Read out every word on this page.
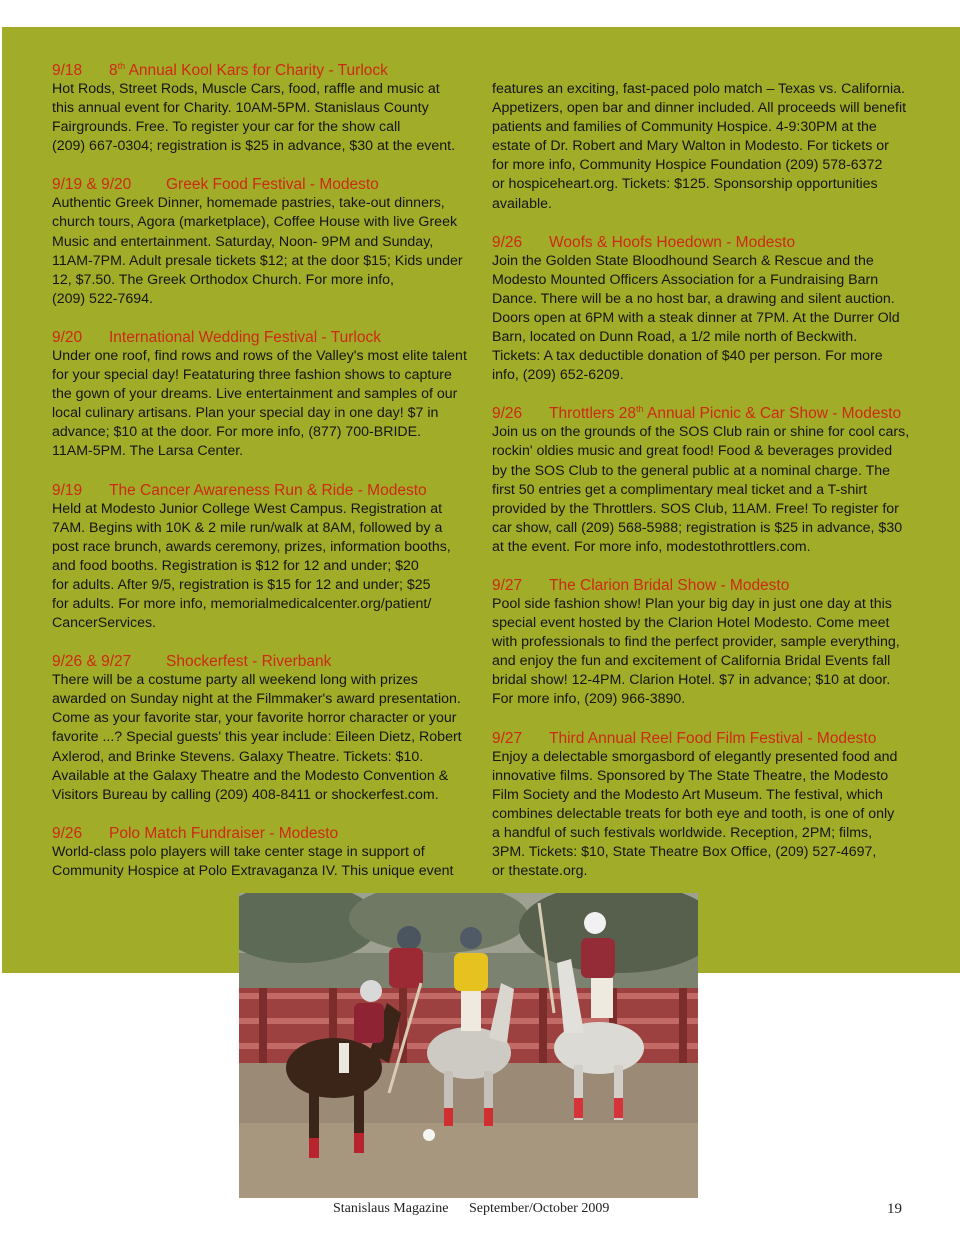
9/18 8th Annual Kool Kars for Charity - Turlock

Hot Rods, Street Rods, Muscle Cars, food, raffle and music at
this annual event for Charity. 10AM-5PM. Stanislaus County
Fairgrounds. Free. To register your car for the show call
(209) 667-0304; registration is $25 in advance, $30 at the event.

9/19 & 9/20 Greek Food Festival - Modesto

Authentic Greek Dinner, homemade pastries, take-out dinners,
church tours, Agora (marketplace), Coffee House with live Greek
Music and entertainment. Saturday, Noon- 9PM and Sunday,
11AM-7PM. Adult presale tickets $12; at the door $15; Kids under
12, $7.50. The Greek Orthodox Church. For more info,
(209) 522-7694.

9/20 International Wedding Festival - Turlock

Under one roof, find rows and rows of the Valley's most elite talent
for your special day! Feataturing three fashion shows to capture
the gown of your dreams. Live entertainment and samples of our
local culinary artisans. Plan your special day in one day! $7 in
advance; $10 at the door. For more info, (877) 700-BRIDE.
11AM-5PM. The Larsa Center.

9/19 The Cancer Awareness Run & Ride - Modesto

Held at Modesto Junior College West Campus. Registration at
7AM. Begins with 10K & 2 mile run/walk at 8AM, followed by a
post race brunch, awards ceremony, prizes, information booths,
and food booths. Registration is $12 for 12 and under; $20
for adults. After 9/5, registration is $15 for 12 and under; $25
for adults. For more info, memorialmedicalcenter.org/patient/
CancerServices.

9/26 & 9/27 Shockerfest - Riverbank

There will be a costume party all weekend long with prizes
awarded on Sunday night at the Filmmaker's award presentation.
Come as your favorite star, your favorite horror character or your
favorite ...? Special guests' this year include: Eileen Dietz, Robert
Axlerod, and Brinke Stevens. Galaxy Theatre. Tickets: $10.
Available at the Galaxy Theatre and the Modesto Convention &
Visitors Bureau by calling (209) 408-8411 or shockerfest.com.

9/26 Polo Match Fundraiser - Modesto

World-class polo players will take center stage in support of
Community Hospice at Polo Extravaganza IV. This unique event

features an exciting, fast-paced polo match – Texas vs. California.
Appetizers, open bar and dinner included. All proceeds will benefit
patients and families of Community Hospice. 4-9:30PM at the
estate of Dr. Robert and Mary Walton in Modesto. For tickets or
for more info, Community Hospice Foundation (209) 578-6372
or hospiceheart.org. Tickets: $125. Sponsorship opportunities
available.

9/26 Woofs & Hoofs Hoedown - Modesto

Join the Golden State Bloodhound Search & Rescue and the
Modesto Mounted Officers Association for a Fundraising Barn
Dance. There will be a no host bar, a drawing and silent auction.
Doors open at 6PM with a steak dinner at 7PM. At the Durrer Old
Barn, located on Dunn Road, a 1/2 mile north of Beckwith.
Tickets: A tax deductible donation of $40 per person. For more
info, (209) 652-6209.

9/26 Throttlers 28th Annual Picnic & Car Show - Modesto

Join us on the grounds of the SOS Club rain or shine for cool cars,
rockin' oldies music and great food! Food & beverages provided
by the SOS Club to the general public at a nominal charge. The
first 50 entries get a complimentary meal ticket and a T-shirt
provided by the Throttlers. SOS Club, 11AM. Free! To register for
car show, call (209) 568-5988; registration is $25 in advance, $30
at the event. For more info, modestothrottlers.com.

9/27 The Clarion Bridal Show - Modesto

Pool side fashion show! Plan your big day in just one day at this
special event hosted by the Clarion Hotel Modesto. Come meet
with professionals to find the perfect provider, sample everything,
and enjoy the fun and excitement of California Bridal Events fall
bridal show! 12-4PM. Clarion Hotel. $7 in advance; $10 at door.
For more info, (209) 966-3890.

9/27 Third Annual Reel Food Film Festival - Modesto

Enjoy a delectable smorgasbord of elegantly presented food and
innovative films. Sponsored by The State Theatre, the Modesto
Film Society and the Modesto Art Museum. The festival, which
combines delectable treats for both eye and tooth, is one of only
a handful of such festivals worldwide. Reception, 2PM; films,
3PM. Tickets: $10, State Theatre Box Office, (209) 527-4697,
or thestate.org.

Stanislaus Magazine September/October 2009	19
